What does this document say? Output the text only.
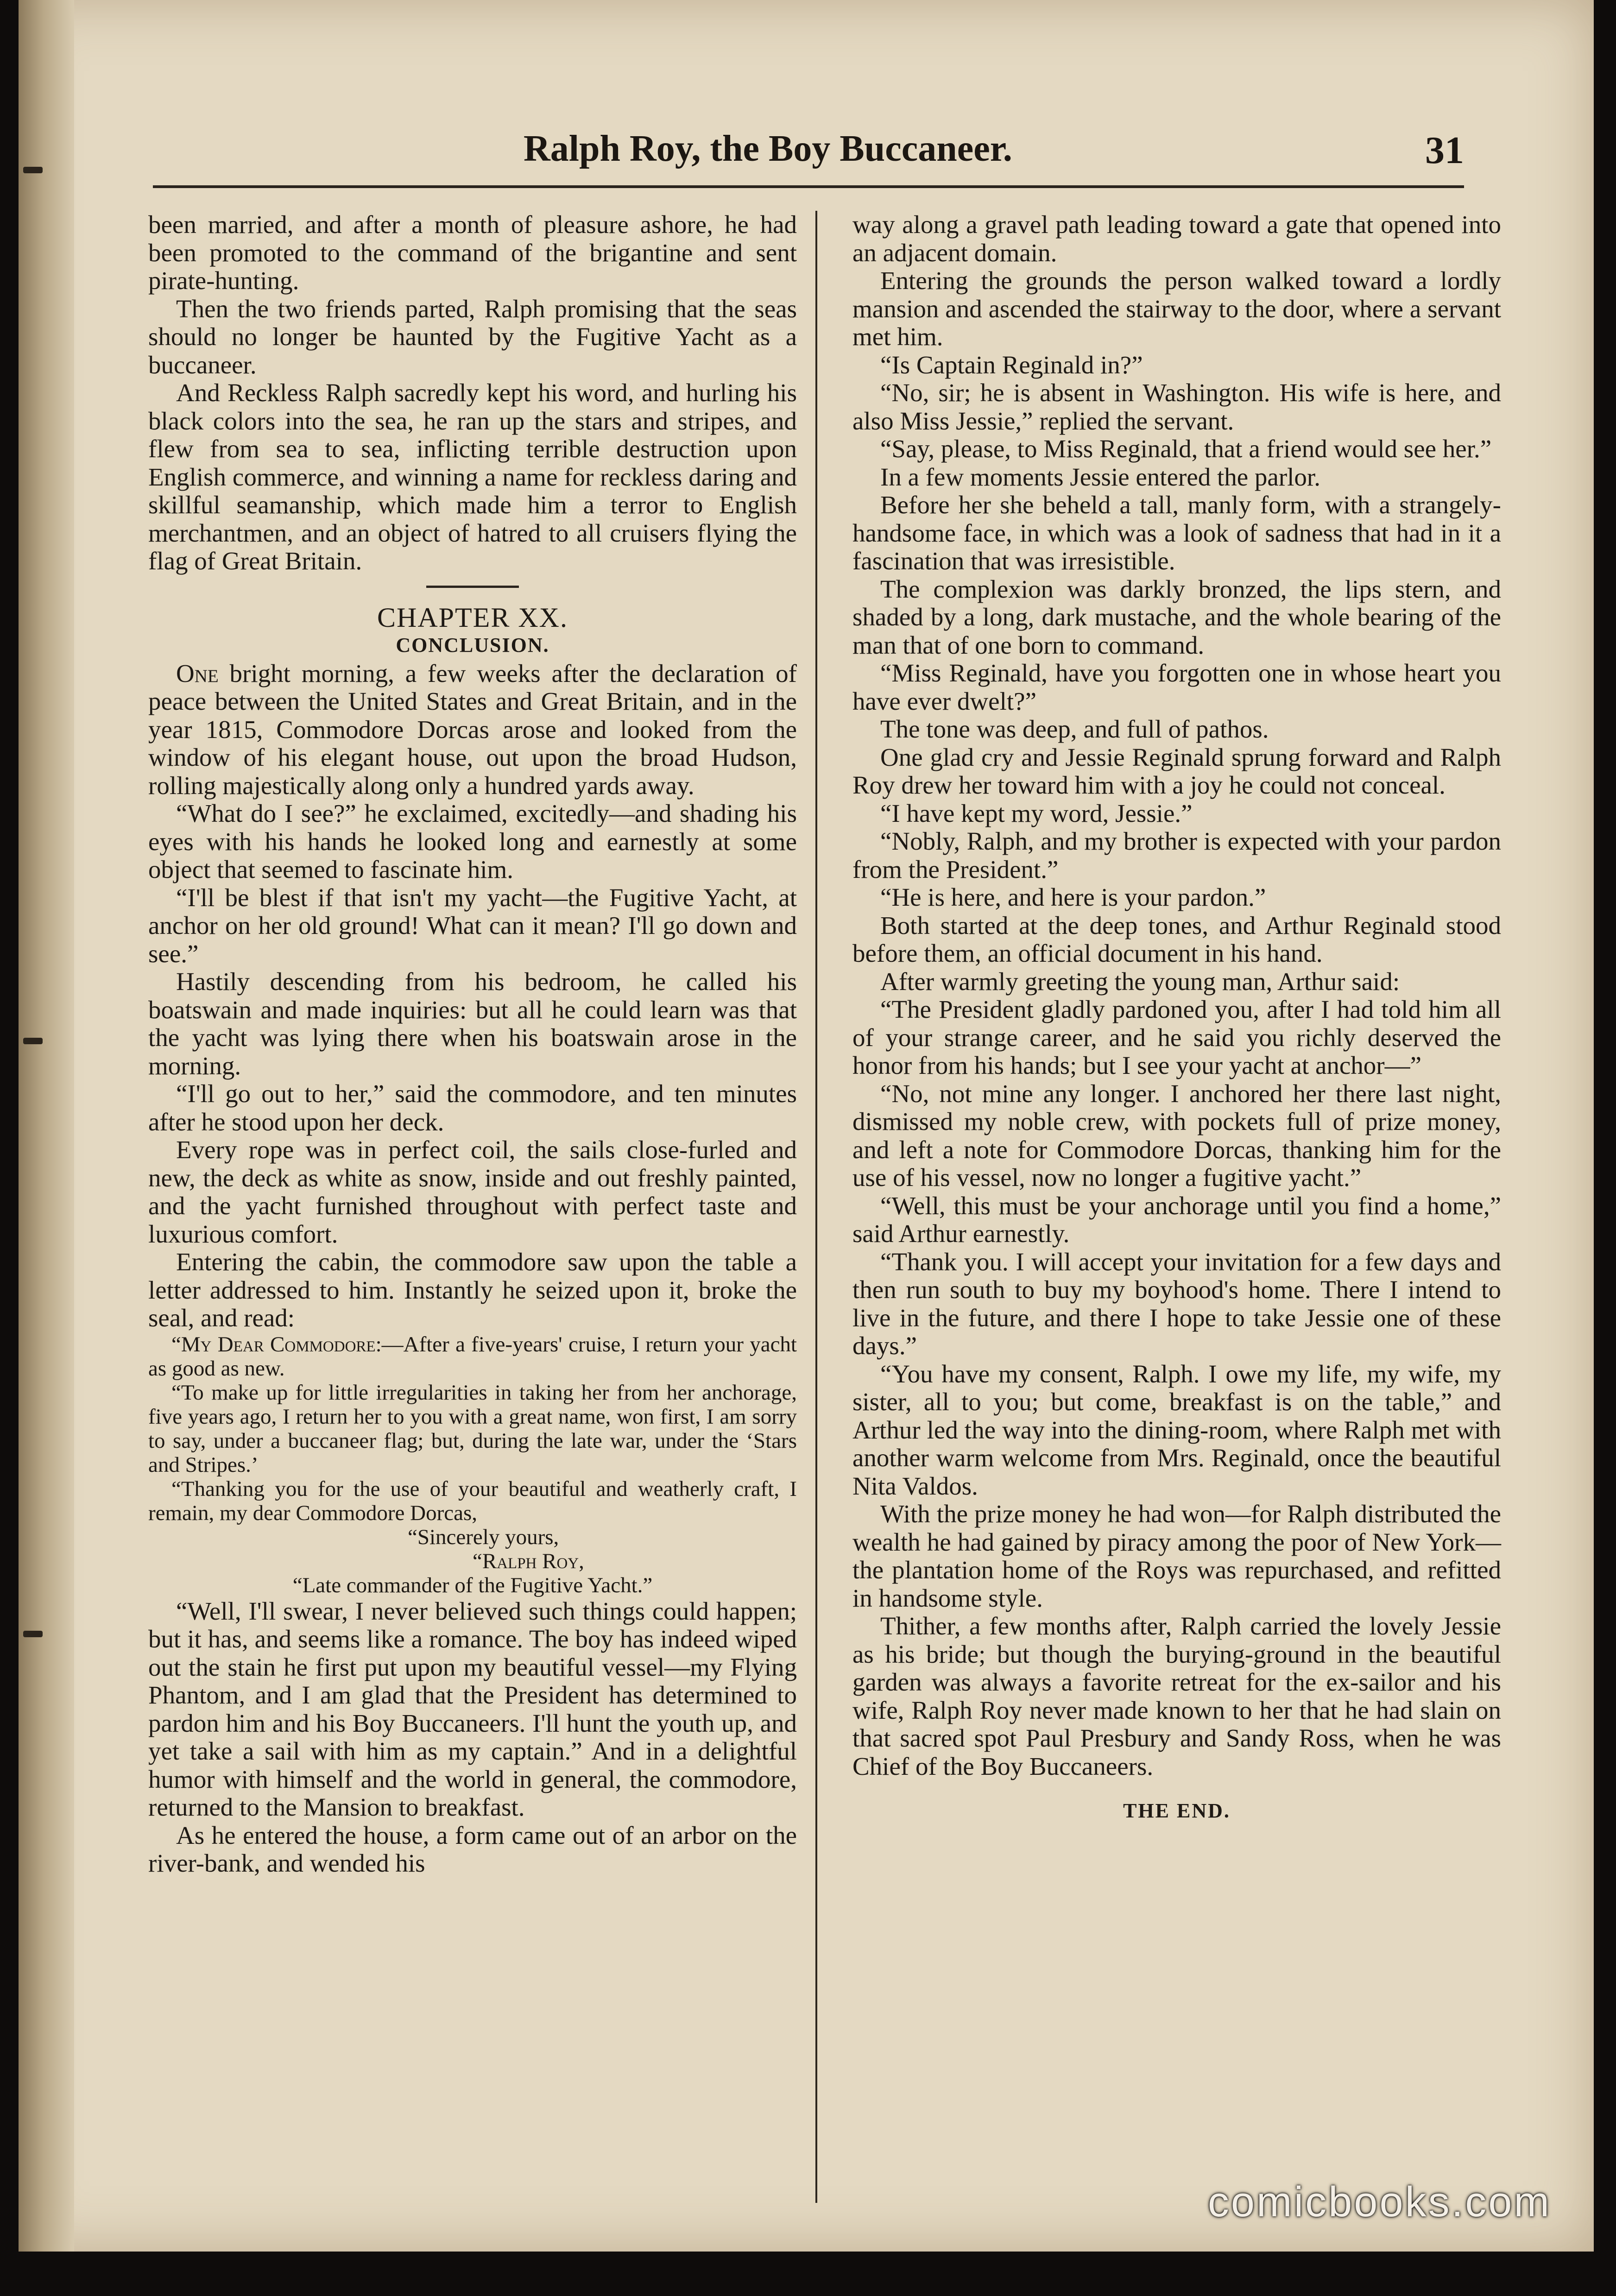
Ralph Roy, the Boy Buccaneer.	31

been married, and after a month of pleasure ashore, he had been promoted to the command of the brigantine and sent pirate-hunting.

Then the two friends parted, Ralph promising that the seas should no longer be haunted by the Fugitive Yacht as a buccaneer.

And Reckless Ralph sacredly kept his word, and hurling his black colors into the sea, he ran up the stars and stripes, and flew from sea to sea, inflicting terrible destruction upon English commerce, and winning a name for reckless daring and skillful seamanship, which made him a terror to English merchantmen, and an object of hatred to all cruisers flying the flag of Great Britain.

CHAPTER XX.

CONCLUSION.

One bright morning, a few weeks after the declaration of peace between the United States and Great Britain, and in the year 1815, Commodore Dorcas arose and looked from the window of his elegant house, out upon the broad Hudson, rolling majestically along only a hundred yards away.

“What do I see?” he exclaimed, excitedly—and shading his eyes with his hands he looked long and earnestly at some object that seemed to fascinate him.

“I'll be blest if that isn't my yacht—the Fugitive Yacht, at anchor on her old ground! What can it mean? I'll go down and see.”

Hastily descending from his bedroom, he called his boatswain and made inquiries: but all he could learn was that the yacht was lying there when his boatswain arose in the morning.

“I'll go out to her,” said the commodore, and ten minutes after he stood upon her deck.

Every rope was in perfect coil, the sails close-furled and new, the deck as white as snow, inside and out freshly painted, and the yacht furnished throughout with perfect taste and luxurious comfort.

Entering the cabin, the commodore saw upon the table a letter addressed to him. Instantly he seized upon it, broke the seal, and read:

“My Dear Commodore:—After a five-years' cruise, I return your yacht as good as new.

“To make up for little irregularities in taking her from her anchorage, five years ago, I return her to you with a great name, won first, I am sorry to say, under a buccaneer flag; but, during the late war, under the ‘Stars and Stripes.’

“Thanking you for the use of your beautiful and weatherly craft, I remain, my dear Commodore Dorcas,

“Sincerely yours,

“Ralph Roy,

“Late commander of the Fugitive Yacht.”

“Well, I'll swear, I never believed such things could happen; but it has, and seems like a romance. The boy has indeed wiped out the stain he first put upon my beautiful vessel—my Flying Phantom, and I am glad that the President has determined to pardon him and his Boy Buccaneers. I'll hunt the youth up, and yet take a sail with him as my captain.” And in a delightful humor with himself and the world in general, the commodore, returned to the Mansion to breakfast.

As he entered the house, a form came out of an arbor on the river-bank, and wended his

way along a gravel path leading toward a gate that opened into an adjacent domain.

Entering the grounds the person walked toward a lordly mansion and ascended the stairway to the door, where a servant met him.

“Is Captain Reginald in?”

“No, sir; he is absent in Washington. His wife is here, and also Miss Jessie,” replied the servant.

“Say, please, to Miss Reginald, that a friend would see her.”

In a few moments Jessie entered the parlor.

Before her she beheld a tall, manly form, with a strangely-handsome face, in which was a look of sadness that had in it a fascination that was irresistible.

The complexion was darkly bronzed, the lips stern, and shaded by a long, dark mustache, and the whole bearing of the man that of one born to command.

“Miss Reginald, have you forgotten one in whose heart you have ever dwelt?”

The tone was deep, and full of pathos.

One glad cry and Jessie Reginald sprung forward and Ralph Roy drew her toward him with a joy he could not conceal.

“I have kept my word, Jessie.”

“Nobly, Ralph, and my brother is expected with your pardon from the President.”

“He is here, and here is your pardon.”

Both started at the deep tones, and Arthur Reginald stood before them, an official document in his hand.

After warmly greeting the young man, Arthur said:

“The President gladly pardoned you, after I had told him all of your strange career, and he said you richly deserved the honor from his hands; but I see your yacht at anchor—”

“No, not mine any longer. I anchored her there last night, dismissed my noble crew, with pockets full of prize money, and left a note for Commodore Dorcas, thanking him for the use of his vessel, now no longer a fugitive yacht.”

“Well, this must be your anchorage until you find a home,” said Arthur earnestly.

“Thank you. I will accept your invitation for a few days and then run south to buy my boyhood's home. There I intend to live in the future, and there I hope to take Jessie one of these days.”

“You have my consent, Ralph. I owe my life, my wife, my sister, all to you; but come, breakfast is on the table,” and Arthur led the way into the dining-room, where Ralph met with another warm welcome from Mrs. Reginald, once the beautiful Nita Valdos.

With the prize money he had won—for Ralph distributed the wealth he had gained by piracy among the poor of New York—the plantation home of the Roys was repurchased, and refitted in handsome style.

Thither, a few months after, Ralph carried the lovely Jessie as his bride; but though the burying-ground in the beautiful garden was always a favorite retreat for the ex-sailor and his wife, Ralph Roy never made known to her that he had slain on that sacred spot Paul Presbury and Sandy Ross, when he was Chief of the Boy Buccaneers.

THE END.
comicbooks.com
